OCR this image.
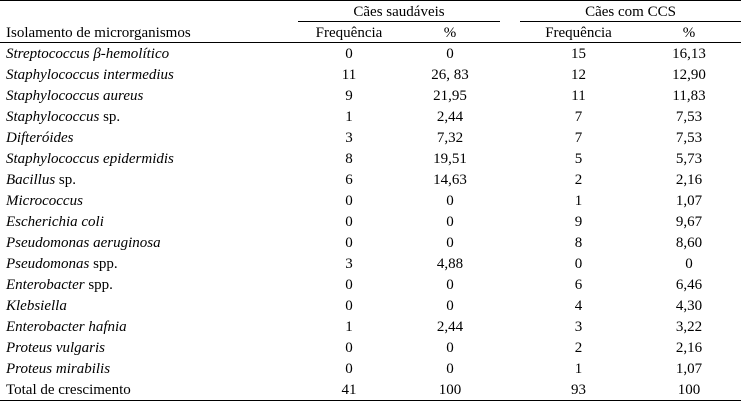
	Cães saudáveis			Cães com CCS	
Isolamento de microrganismos	Frequência	%		Frequência	%
Streptococcus β-hemolítico	0	0		15	16,13
Staphylococcus intermedius	11	26, 83		12	12,90
Staphylococcus aureus	9	21,95		11	11,83
Staphylococcus sp.	1	2,44		7	7,53
Difteróides	3	7,32		7	7,53
Staphylococcus epidermidis	8	19,51		5	5,73
Bacillus sp.	6	14,63		2	2,16
Micrococcus	0	0		1	1,07
Escherichia coli	0	0		9	9,67
Pseudomonas aeruginosa	0	0		8	8,60
Pseudomonas spp.	3	4,88		0	0
Enterobacter spp.	0	0		6	6,46
Klebsiella	0	0		4	4,30
Enterobacter hafnia	1	2,44		3	3,22
Proteus vulgaris	0	0		2	2,16
Proteus mirabilis	0	0		1	1,07
Total de crescimento	41	100		93	100
